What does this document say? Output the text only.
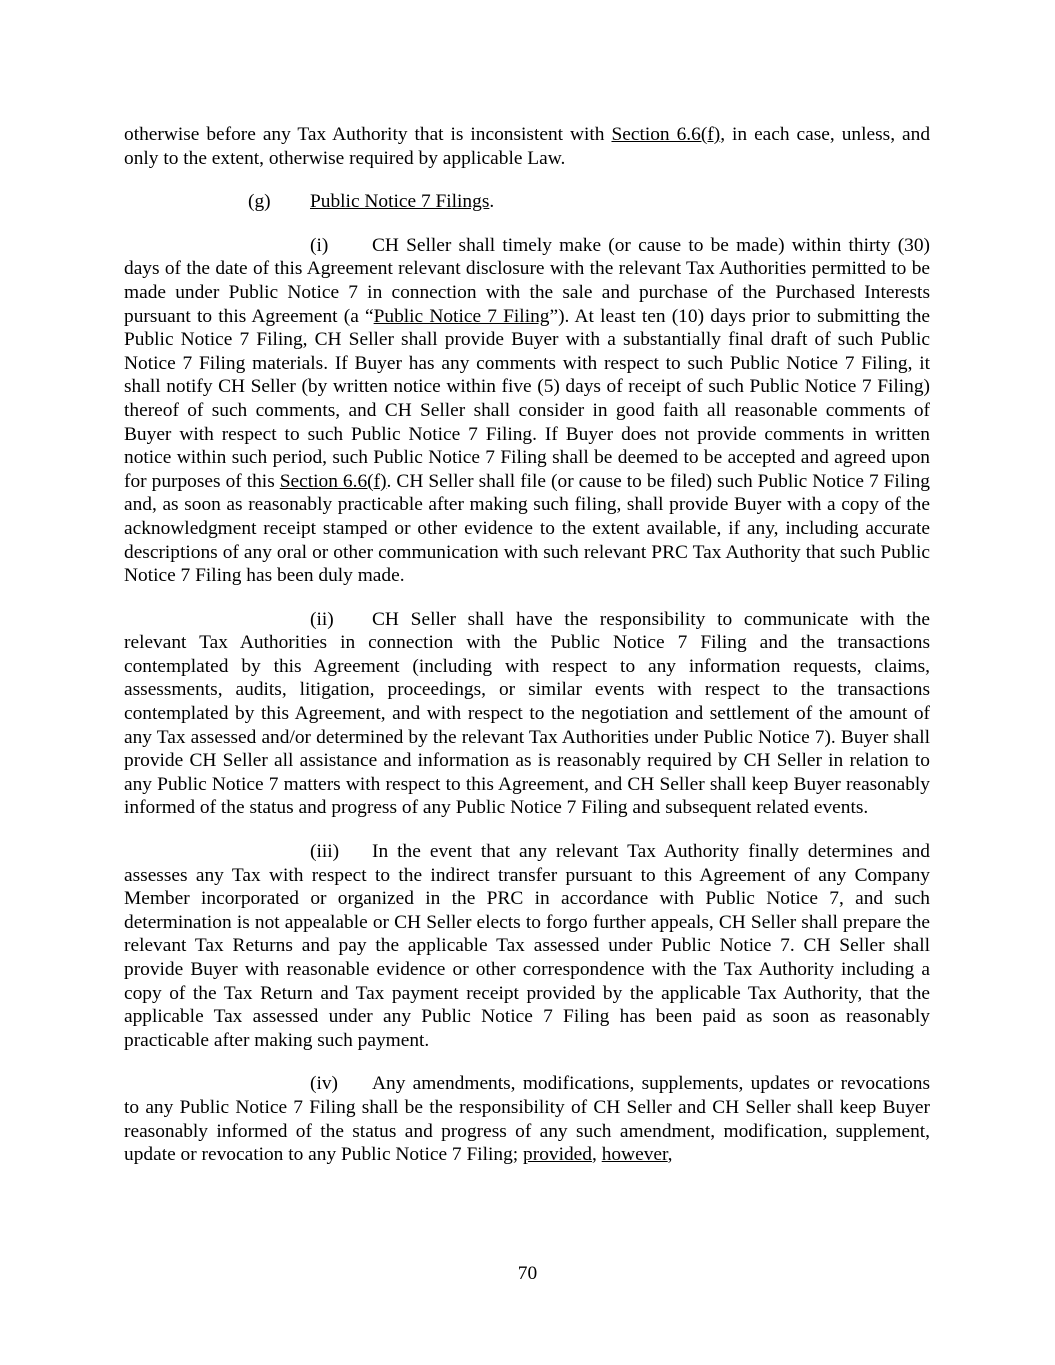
otherwise before any Tax Authority that is inconsistent with Section 6.6(f), in each case, unless, and only to the extent, otherwise required by applicable Law.

(g) Public Notice 7 Filings.

(i) CH Seller shall timely make (or cause to be made) within thirty (30) days of the date of this Agreement relevant disclosure with the relevant Tax Authorities permitted to be made under Public Notice 7 in connection with the sale and purchase of the Purchased Interests pursuant to this Agreement (a “Public Notice 7 Filing”). At least ten (10) days prior to submitting the Public Notice 7 Filing, CH Seller shall provide Buyer with a substantially final draft of such Public Notice 7 Filing materials. If Buyer has any comments with respect to such Public Notice 7 Filing, it shall notify CH Seller (by written notice within five (5) days of receipt of such Public Notice 7 Filing) thereof of such comments, and CH Seller shall consider in good faith all reasonable comments of Buyer with respect to such Public Notice 7 Filing. If Buyer does not provide comments in written notice within such period, such Public Notice 7 Filing shall be deemed to be accepted and agreed upon for purposes of this Section 6.6(f). CH Seller shall file (or cause to be filed) such Public Notice 7 Filing and, as soon as reasonably practicable after making such filing, shall provide Buyer with a copy of the acknowledgment receipt stamped or other evidence to the extent available, if any, including accurate descriptions of any oral or other communication with such relevant PRC Tax Authority that such Public Notice 7 Filing has been duly made.

(ii) CH Seller shall have the responsibility to communicate with the relevant Tax Authorities in connection with the Public Notice 7 Filing and the transactions contemplated by this Agreement (including with respect to any information requests, claims, assessments, audits, litigation, proceedings, or similar events with respect to the transactions contemplated by this Agreement, and with respect to the negotiation and settlement of the amount of any Tax assessed and/or determined by the relevant Tax Authorities under Public Notice 7). Buyer shall provide CH Seller all assistance and information as is reasonably required by CH Seller in relation to any Public Notice 7 matters with respect to this Agreement, and CH Seller shall keep Buyer reasonably informed of the status and progress of any Public Notice 7 Filing and subsequent related events.

(iii) In the event that any relevant Tax Authority finally determines and assesses any Tax with respect to the indirect transfer pursuant to this Agreement of any Company Member incorporated or organized in the PRC in accordance with Public Notice 7, and such determination is not appealable or CH Seller elects to forgo further appeals, CH Seller shall prepare the relevant Tax Returns and pay the applicable Tax assessed under Public Notice 7. CH Seller shall provide Buyer with reasonable evidence or other correspondence with the Tax Authority including a copy of the Tax Return and Tax payment receipt provided by the applicable Tax Authority, that the applicable Tax assessed under any Public Notice 7 Filing has been paid as soon as reasonably practicable after making such payment.

(iv) Any amendments, modifications, supplements, updates or revocations to any Public Notice 7 Filing shall be the responsibility of CH Seller and CH Seller shall keep Buyer reasonably informed of the status and progress of any such amendment, modification, supplement, update or revocation to any Public Notice 7 Filing; provided, however,

70
